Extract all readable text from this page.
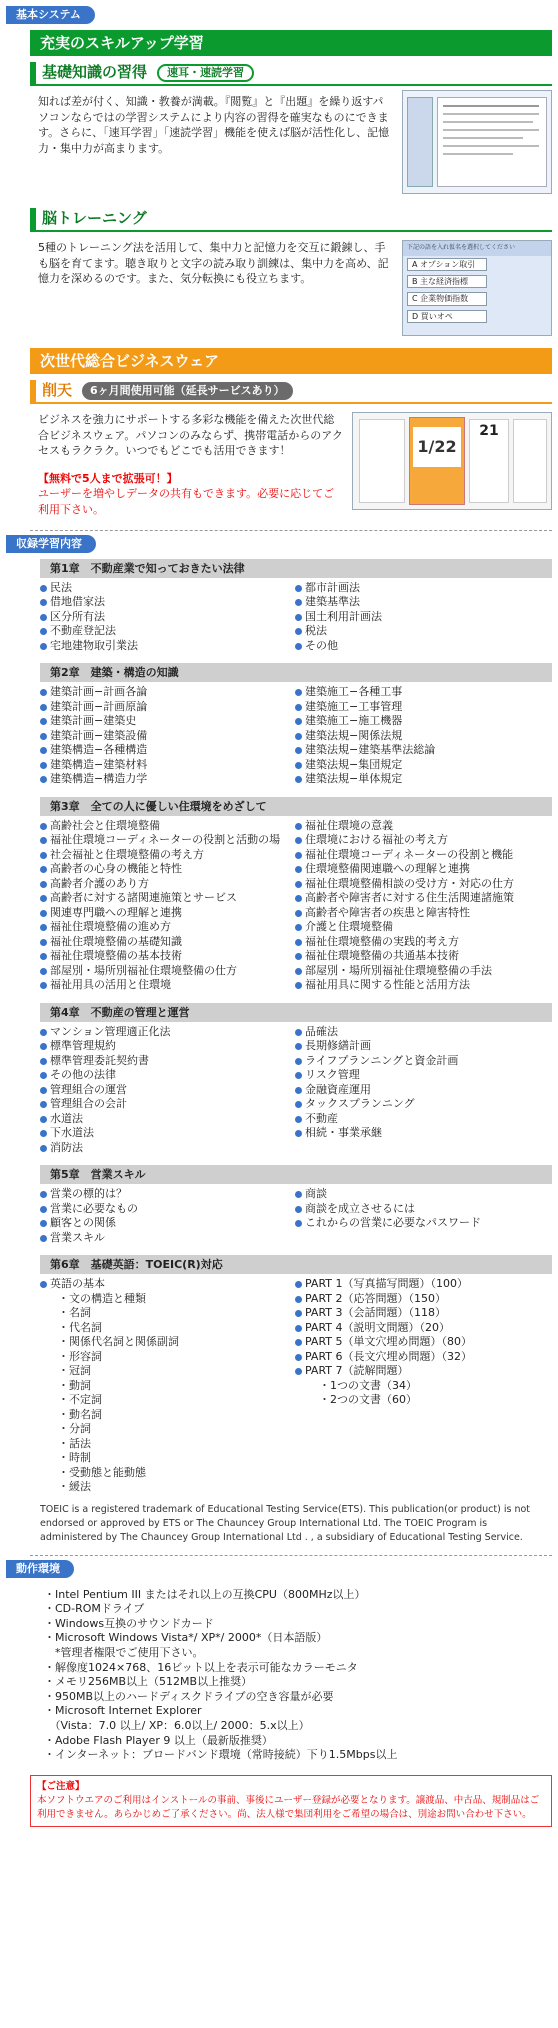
基本システム
充実のスキルアップ学習
基礎知識の習得	速耳・速読学習

知れば差が付く、知識・教養が満載。『閲覧』と『出題』を繰り返すパソコンならではの学習システムにより内容の習得を確実なものにできます。さらに、「速耳学習」「速読学習」機能を使えば脳が活性化し、記憶力・集中力が高まります。

脳トレーニング

5種のトレーニング法を活用して、集中力と記憶力を交互に鍛錬し、手も脳を育てます。聴き取りと文字の読み取り訓練は、集中力を高め、記憶力を深めるのです。また、気分転換にも役立ちます。

下記の語を入れ仮名を選択してください
A オプション取引
B 主な経済指標
C 企業物価指数
D 買いオペ
次世代総合ビジネスウェア
削天	6ヶ月間使用可能（延長サービスあり）

ビジネスを強力にサポートする多彩な機能を備えた次世代総合ビジネスウェア。パソコンのみならず、携帯電話からのアクセスもラクラク。いつでもどこでも活用できます！

【無料で5人まで拡張可！】

ユーザーを増やしデータの共有もできます。必要に応じてご利用下さい。

1/22
21
収録学習内容
第1章　不動産業で知っておきたい法律
民法
借地借家法
区分所有法
不動産登記法
宅地建物取引業法
都市計画法
建築基準法
国土利用計画法
税法
その他
第2章　建築・構造の知識
建築計画−計画各論
建築計画−計画原論
建築計画−建築史
建築計画−建築設備
建築構造−各種構造
建築構造−建築材料
建築構造−構造力学
建築施工−各種工事
建築施工−工事管理
建築施工−施工機器
建築法規−関係法規
建築法規−建築基準法総論
建築法規−集団規定
建築法規−単体規定
第3章　全ての人に優しい住環境をめざして
高齢社会と住環境整備
福祉住環境コーディネーターの役割と活動の場
社会福祉と住環境整備の考え方
高齢者の心身の機能と特性
高齢者介護のあり方
高齢者に対する諸関連施策とサービス
関連専門職への理解と連携
福祉住環境整備の進め方
福祉住環境整備の基礎知識
福祉住環境整備の基本技術
部屋別・場所別福祉住環境整備の仕方
福祉用具の活用と住環境
福祉住環境の意義
住環境における福祉の考え方
福祉住環境コーディネーターの役割と機能
住環境整備関連職への理解と連携
福祉住環境整備相談の受け方・対応の仕方
高齢者や障害者に対する住生活関連諸施策
高齢者や障害者の疾患と障害特性
介護と住環境整備
福祉住環境整備の実践的考え方
福祉住環境整備の共通基本技術
部屋別・場所別福祉住環境整備の手法
福祉用具に関する性能と活用方法
第4章　不動産の管理と運営
マンション管理適正化法
標準管理規約
標準管理委託契約書
その他の法律
管理組合の運営
管理組合の会計
水道法
下水道法
消防法
品確法
長期修繕計画
ライフプランニングと資金計画
リスク管理
金融資産運用
タックスプランニング
不動産
相続・事業承継
第5章　営業スキル
営業の標的は？
営業に必要なもの
顧客との関係
営業スキル
商談
商談を成立させるには
これからの営業に必要なパスワード
第6章　基礎英語：TOEIC(R)対応
英語の基本
・文の構造と種類
・名詞
・代名詞
・関係代名詞と関係副詞
・形容詞
・冠詞
・動詞
・不定詞
・動名詞
・分詞
・話法
・時制
・受動態と能動態
・緩法
PART 1（写真描写問題）（100）
PART 2（応答問題）（150）
PART 3（会話問題）（118）
PART 4（説明文問題）（20）
PART 5（単文穴埋め問題）（80）
PART 6（長文穴埋め問題）（32）
PART 7（読解問題）
・1つの文書（34）
・2つの文書（60）

TOEIC is a registered trademark of Educational Testing Service(ETS). This publication(or product) is not endorsed or approved by ETS or The Chauncey Group International Ltd. The TOEIC Program is administered by The Chauncey Group International Ltd . , a subsidiary of Educational Testing Service.

動作環境
・Intel Pentium III またはそれ以上の互換CPU（800MHz以上）
・CD-ROMドライブ
・Windows互換のサウンドカード
・Microsoft Windows Vista*/ XP*/ 2000*（日本語版）
　*管理者権限でご使用下さい。
・解像度1024×768、16ビット以上を表示可能なカラーモニタ
・メモリ256MB以上（512MB以上推奨）
・950MB以上のハードディスクドライブの空き容量が必要
・Microsoft Internet Explorer
　（Vista：7.0 以上/ XP：6.0以上/ 2000：5.x以上）
・Adobe Flash Player 9 以上（最新版推奨）
・インターネット：ブロードバンド環境（常時接続）下り1.5Mbps以上
【ご注意】
本ソフトウエアのご利用はインストールの事前、事後にユーザー登録が必要となります。譲渡品、中古品、規制品はご利用できません。あらかじめご了承ください。尚、法人様で集団利用をご希望の場合は、別途お問い合わせ下さい。
